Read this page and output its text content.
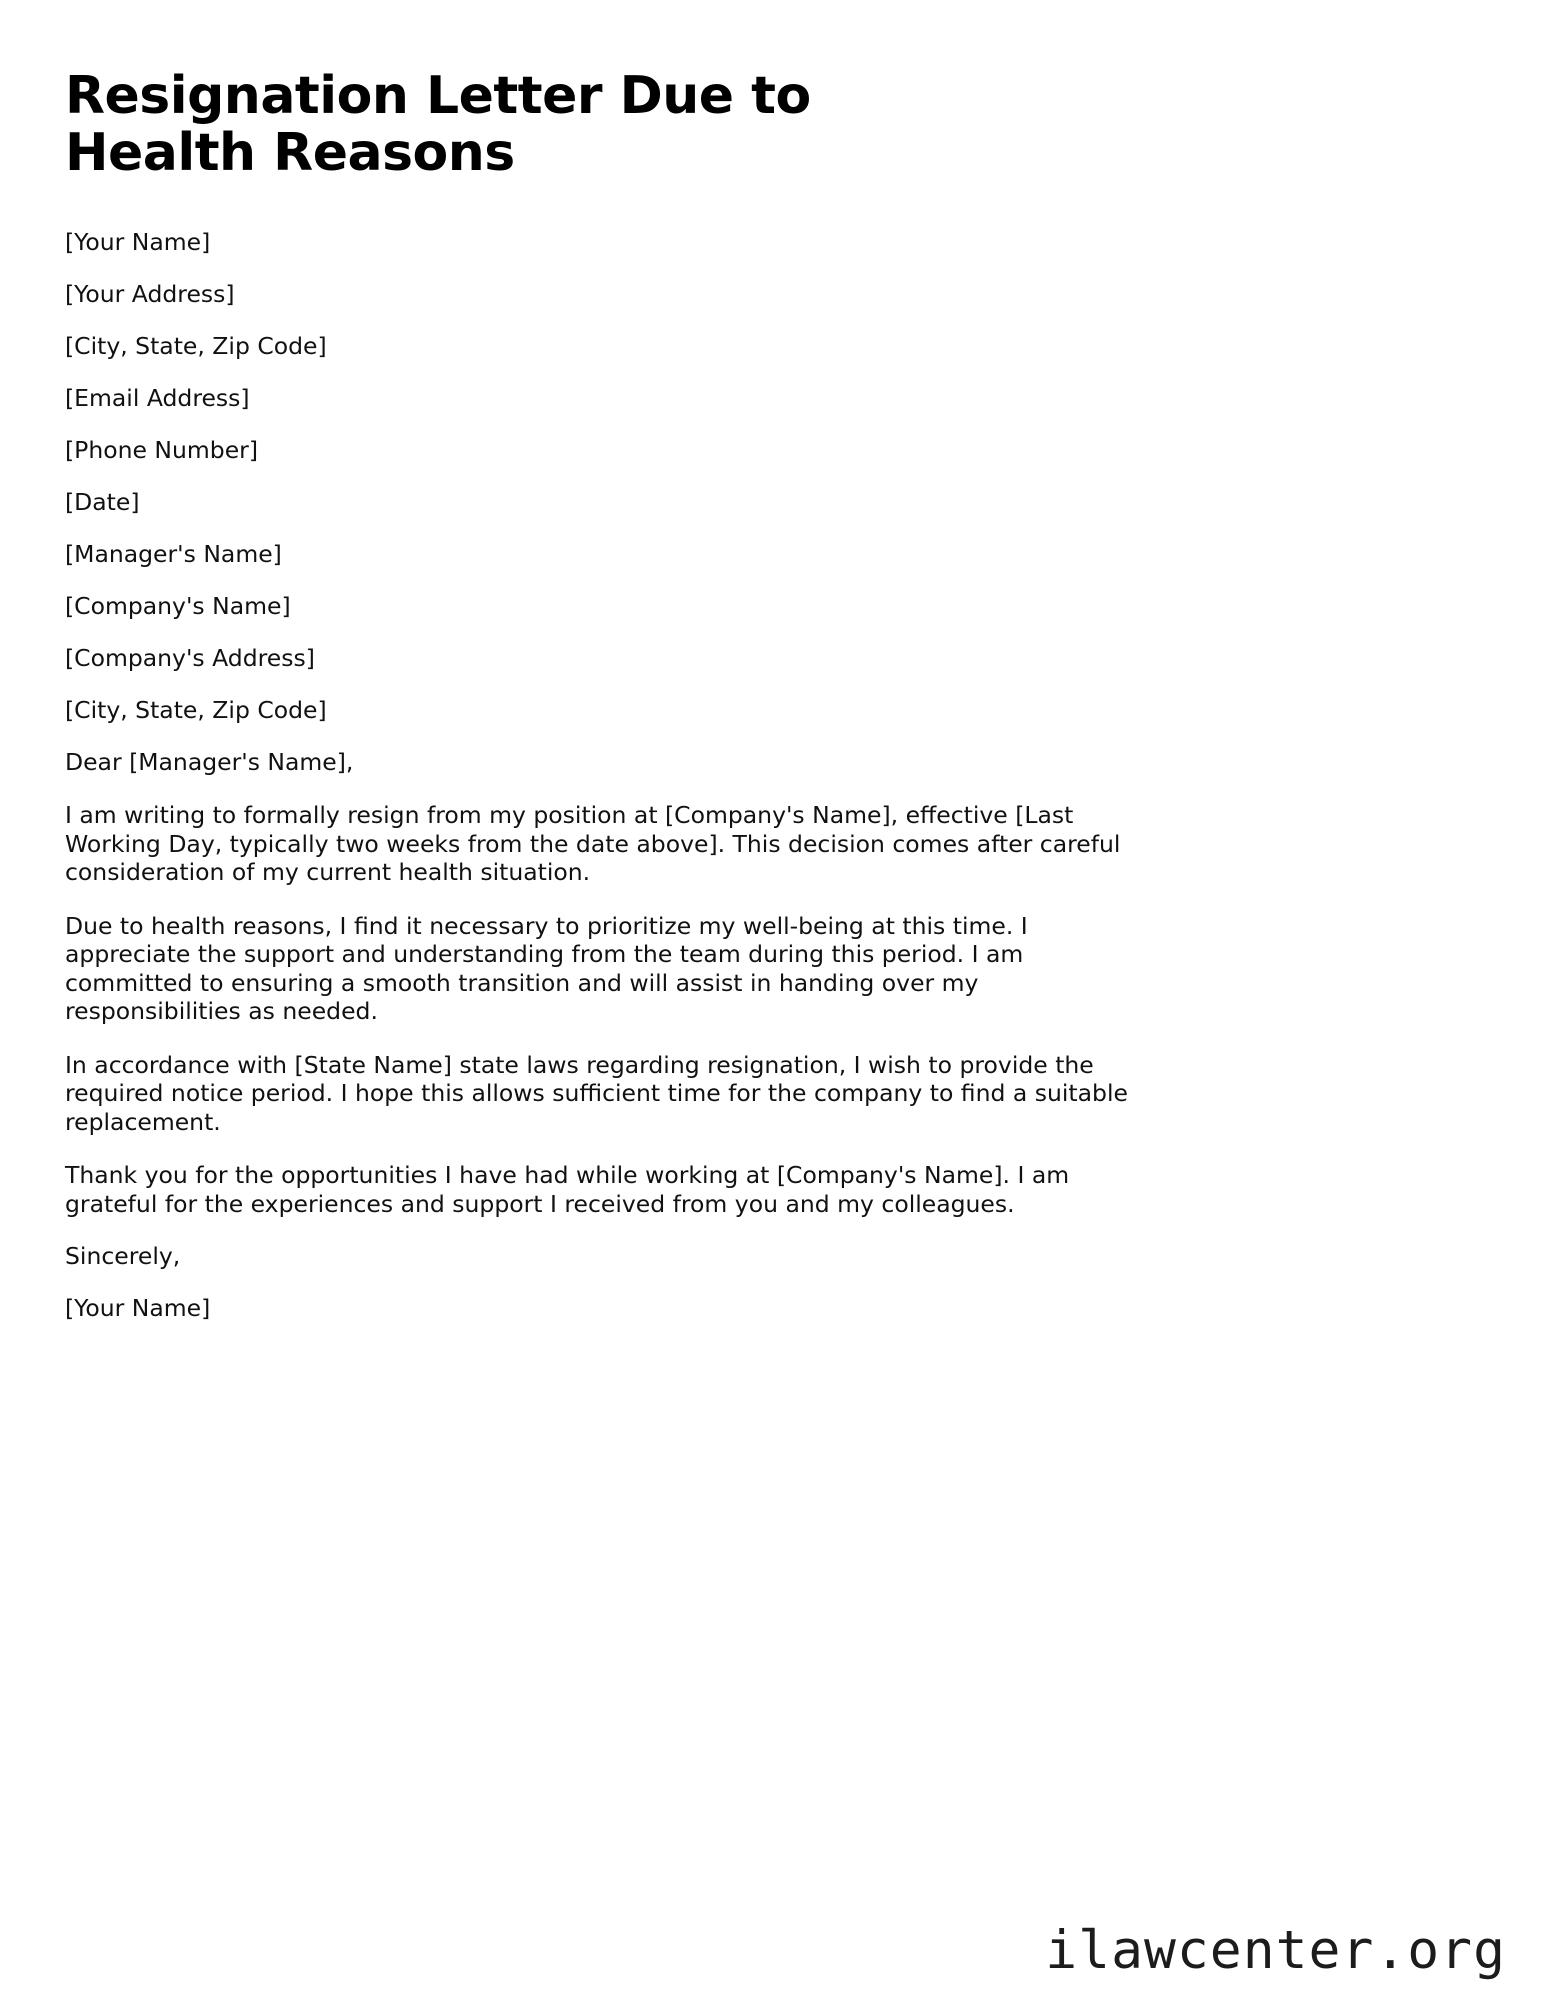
Resignation Letter Due to Health Reasons
[Your Name]
[Your Address]
[City, State, Zip Code]
[Email Address]
[Phone Number]
[Date]
[Manager's Name]
[Company's Name]
[Company's Address]
[City, State, Zip Code]
Dear [Manager's Name],

I am writing to formally resign from my position at [Company's Name], effective [Last Working Day, typically two weeks from the date above]. This decision comes after careful consideration of my current health situation.

Due to health reasons, I find it necessary to prioritize my well-being at this time. I appreciate the support and understanding from the team during this period. I am committed to ensuring a smooth transition and will assist in handing over my responsibilities as needed.

In accordance with [State Name] state laws regarding resignation, I wish to provide the required notice period. I hope this allows sufficient time for the company to find a suitable replacement.

Thank you for the opportunities I have had while working at [Company's Name]. I am grateful for the experiences and support I received from you and my colleagues.

Sincerely,
[Your Name]
ilawcenter.org
